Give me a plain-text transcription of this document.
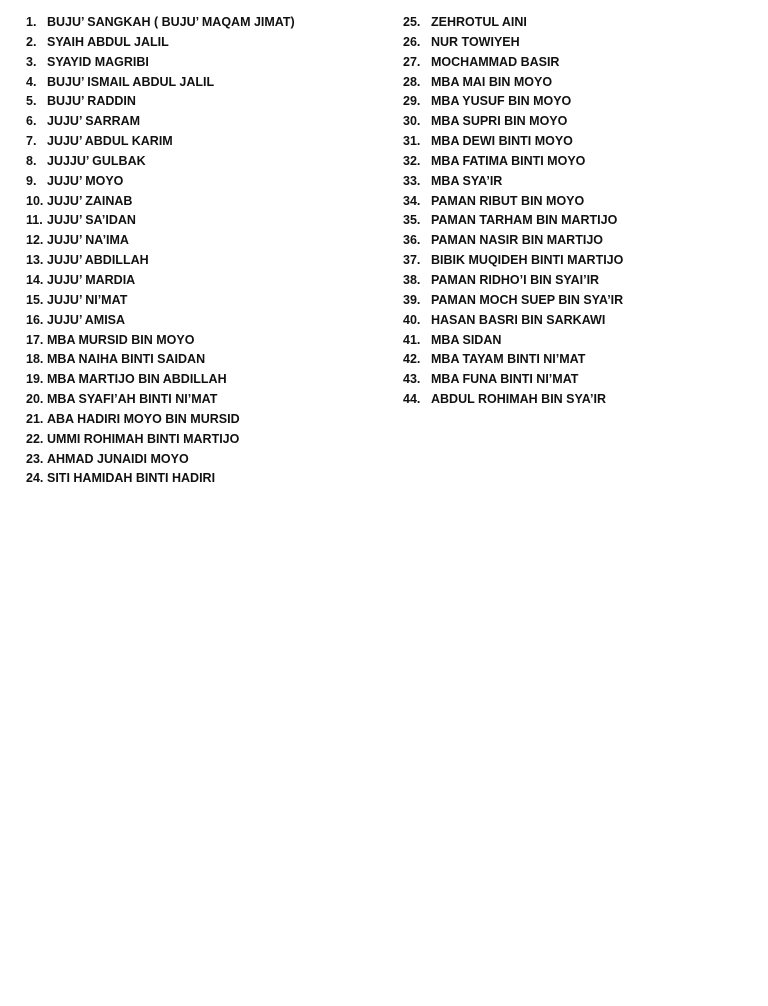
1. BUJU’ SANGKAH ( BUJU’ MAQAM JIMAT)
2. SYAIH ABDUL JALIL
3. SYAYID MAGRIBI
4. BUJU’ ISMAIL ABDUL JALIL
5. BUJU’ RADDIN
6. JUJU’ SARRAM
7. JUJU’ ABDUL KARIM
8. JUJJU’ GULBAK
9. JUJU’ MOYO
10. JUJU’ ZAINAB
11. JUJU’ SA’IDAN
12. JUJU’ NA’IMA
13. JUJU’ ABDILLAH
14. JUJU’ MARDIA
15. JUJU’ NI’MAT
16. JUJU’ AMISA
17. MBA MURSID BIN MOYO
18. MBA NAIHA BINTI SAIDAN
19. MBA MARTIJO BIN ABDILLAH
20. MBA SYAFI’AH BINTI NI’MAT
21. ABA HADIRI MOYO BIN MURSID
22. UMMI ROHIMAH BINTI MARTIJO
23. AHMAD JUNAIDI MOYO
24. SITI HAMIDAH BINTI HADIRI
25. ZEHROTUL AINI
26. NUR TOWIYEH
27. MOCHAMMAD BASIR
28. MBA MAI BIN MOYO
29. MBA YUSUF BIN MOYO
30. MBA SUPRI BIN MOYO
31. MBA DEWI BINTI MOYO
32. MBA FATIMA BINTI MOYO
33. MBA SYA’IR
34. PAMAN RIBUT BIN MOYO
35. PAMAN TARHAM BIN MARTIJO
36. PAMAN NASIR BIN MARTIJO
37. BIBIK MUQIDEH BINTI MARTIJO
38. PAMAN RIDHO’I BIN SYAI’IR
39. PAMAN MOCH SUEP BIN SYA’IR
40. HASAN BASRI BIN SARKAWI
41. MBA SIDAN
42. MBA TAYAM BINTI NI’MAT
43. MBA FUNA BINTI NI’MAT
44. ABDUL ROHIMAH BIN SYA’IR
